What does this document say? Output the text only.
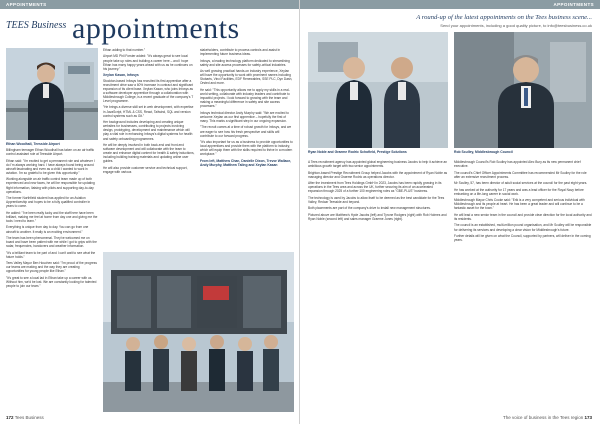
APPOINTMENTS
TEES Business appointments
Ethan Woodhall, Teesside Airport

Billingham teenager Ethan Woodhall has taken on an air traffic control assistant role at Teesside Airport.

Ethan said: "I'm excited to get a permanent role and whatever I do I'm always working hard. I have always found being around aircraft fascinating and even as a child I wanted to work in aviation. I'm so grateful to be given this opportunity."

Working alongside an air traffic control team made up of both experienced and new faces, he will be responsible for updating flight information, liaising with pilots and supporting day-to-day operations.

The former Northfield student has applied for an Aviation Apprenticeship and hopes to be a fully qualified controller in years to come.

He added: "I've been really lucky and the staff here have been brilliant, making me feel at home from day one and giving me the tools I need to learn."

Everything is unique from day to day. You can go from one aircraft to another. It really is an exciting environment."

The team has been phenomenal. They've welcomed me on board and have been patient with me while I got to grips with the radar, frequencies, handovers and weather information.

"It's a brilliant team to be part of and I can't wait to see what the future holds."

Tees Valley Mayor Ben Houchen said: "I'm proud of the progress our teams are making and the way they are creating opportunities for young people like Ethan."

"It's great to see a local lad in Ethan take up a career with us. Without him, we'd be lost. We are constantly looking for talented people to join our team."

Ethan adding to that number."

Airport MD Phil Forster added: "It's always great to see local people take up roles and building a career here – and I hope Ethan has many happy years ahead with us as he continues on his journey."

Xeylan Kasan, Infosys

Stockton-based Infosys has recruited its first apprentice after a recruitment drive saw a 60% increase in contract and significant expansion of its client base. Xeylan Kasan, who joins Infosys as a software developer apprentice through a collaboration with Middlesbrough College, is a recent graduate of the company's T Level programme.

"He brings a diverse skill set in web development, with expertise in JavaScript, HTML & CSS, React, Tailwind, SQL and version control systems such as Git."

Her background includes developing and creating unique websites for businesses, contributing to projects involving design, prototyping, development and maintenance which will play a vital role in enhancing Infosys's digital systems for health and safety onboarding programmes.

He will be deeply involved in both back-end and front-end software development and will collaborate with the team to create and enhance digital content for health & safety inductions, including building training materials and updating online user guides.

He will also provide customer service and technical support, engage with various

stakeholders, contribute to process controls and assist in implementing future business ideas.

Infosys, a leading technology platform dedicated to streamlining safety and site access processes for safety-critical industries.

As well growing practical hands-on industry experience, Xeylan will have the opportunity to work with prominent names including Stobarts, Vinci Facilities, EDF Renewables, SSE PLC, Dyn Dash, Orsted and more.

He said: "This opportunity allows me to apply my skills in a real-world setting, collaborate with industry leaders and contribute to impactful projects. I look forward to growing with the team and making a meaningful difference in safety and site access processes."

Infosys technical director Andy Murphy said: "We are excited to welcome Xeylan as our first apprentice – hopefully the first of many. This marks a significant step in our ongoing expansion.

"The recruit comes at a time of robust growth for Infosys, and we are eager to see how his fresh perspective and skills will contribute to our forward progress.

"It's also important for us as a business to provide opportunities to local apprentices and provide them with the platform to industry, which will equip them with the skills required to thrive in a modern workplace."

From left, Matthew Chan, Danielle Dixon, Trevor Wallace, Andy Murphy, Matthew Taling and Xeylan Kasan

172 Tees Business
APPOINTMENTS
A round-up of the latest appointments on the Tees business scene...
Send your appointments, including a good quality picture, to info@teesbusiness.co.uk
Ryan Noble and Graeme Rodric Schofield, Prestige Solutions	Rob Sculley, Middlesbrough Council

A Tees recruitment agency has appointed global engineering business Jacobs to help it achieve an ambitious growth target with two senior appointments.

Brighton-based Prestige Recruitment Group helped Jacobs with the appointment of Ryan Noble as managing director and Graeme Rodric as operations director.

After the investment from Tees Holdings GmbH in 2023, Jacobs has been rapidly growing in its operations in the Tees area and across the UK, further securing its aim of an accelerated expansion through 2025 of a further 100 engineering roles as "GBE-PLUS" business.

The technology is used by Jacobs to allow itself to be deemed as the best candidate for the Tees Valley, Redcar Teesside and beyond.

Both placements are part of the company's drive to install new management structures.

Pictured above are Matthew's Hyde Jacobs (left) and Tyrone Rodgers (right) with Rob Holmes and Ryan Noble (second left) and sales manager Graeme Jones (right).

Middlesbrough Council's Rob Sculley has appointed Alec Bury as its new permanent chief executive.

The council's Chief Officer Appointments Committee has recommended Mr Sculley for the role after an extensive recruitment process.

Mr Sculley, 57, has been director of adult social services at the council for the past eight years.

He has worked at the authority for 17 years and was a lead officer for the Royal Navy before embarking on a life-long career in social work.

Middlesbrough Mayor Chris Cooke said: "Erik is a very competent and serious individual with Middlesbrough and its people at heart. He has been a great leader and will continue to be a fantastic asset for the town."

He will lead a new senior team in the council and provide clear direction for the local authority and its residents.

The council is an established, multi-million pound organisation, and Mr Sculley will be responsible for delivering its services and developing a clear vision for Middlesbrough's future.

Further details will be given on what the Council, supported by partners, will deliver in the coming years.

The voice of business in the Tees region 173
